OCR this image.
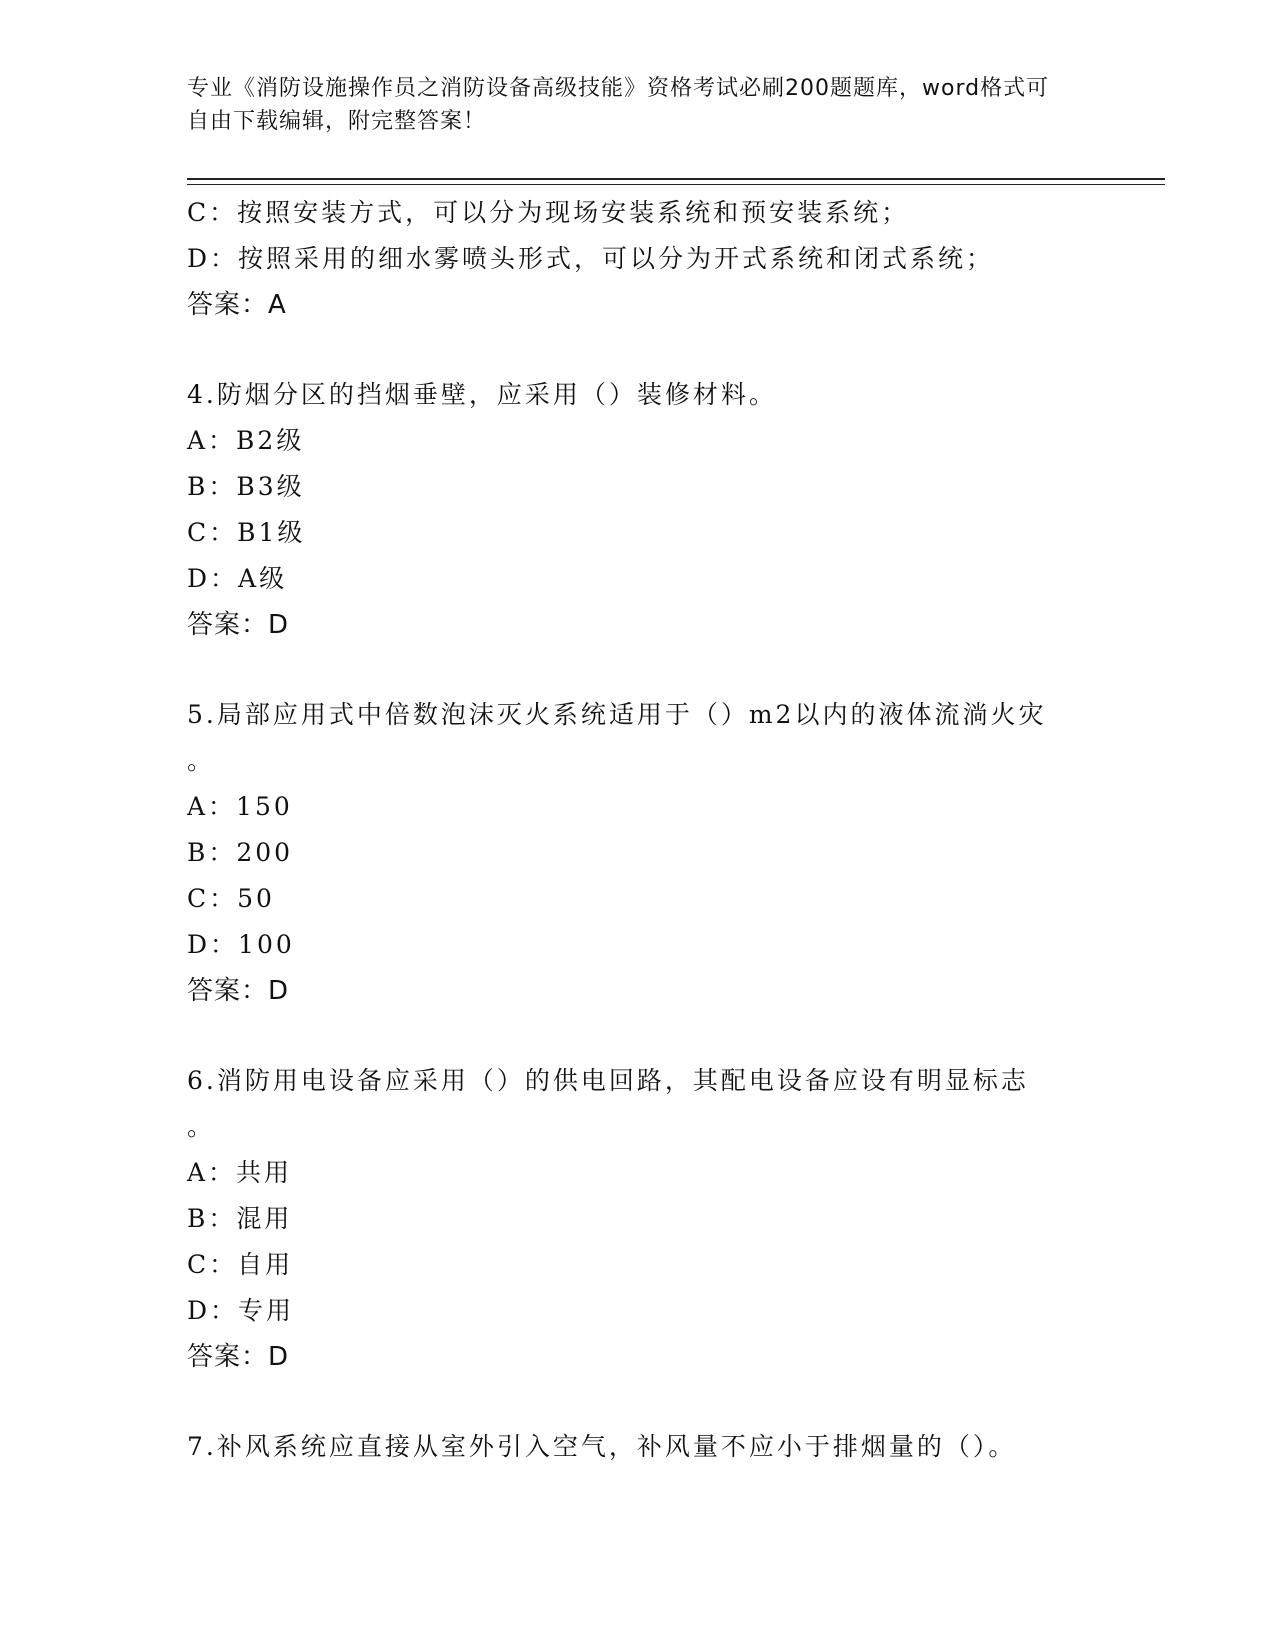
专业《消防设施操作员之消防设备高级技能》资格考试必刷200题题库，word格式可自由下载编辑，附完整答案！
C：按照安装方式，可以分为现场安装系统和预安装系统；
D：按照采用的细水雾喷头形式，可以分为开式系统和闭式系统；
答案：A
4.防烟分区的挡烟垂壁，应采用（）装修材料。
A：B2级
B：B3级
C：B1级
D：A级
答案：D
5.局部应用式中倍数泡沫灭火系统适用于（）m2以内的液体流淌火灾
。
A：150
B：200
C：50
D：100
答案：D
6.消防用电设备应采用（）的供电回路，其配电设备应设有明显标志
。
A：共用
B：混用
C：自用
D：专用
答案：D
7.补风系统应直接从室外引入空气，补风量不应小于排烟量的（）。
